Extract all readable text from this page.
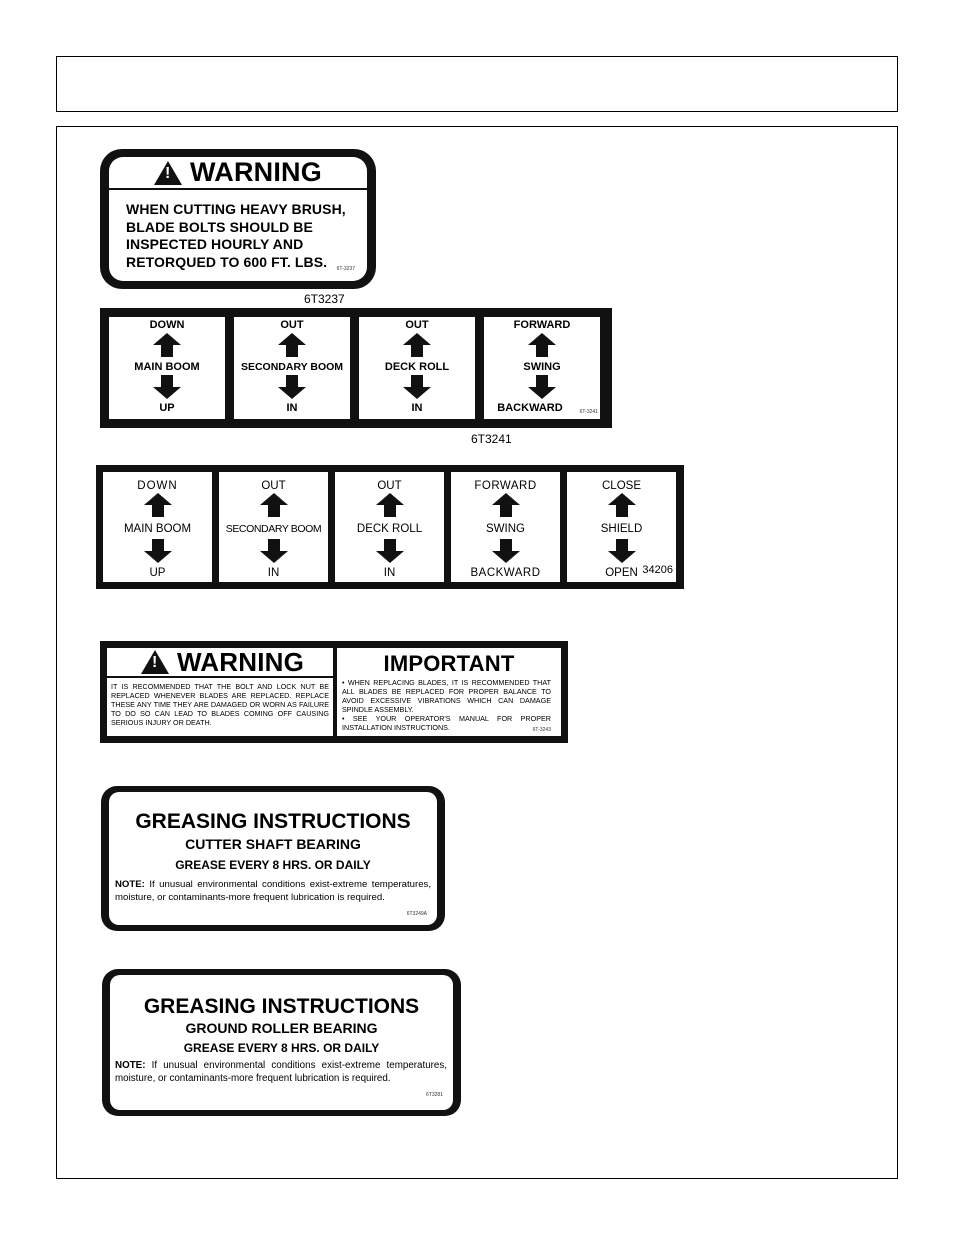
!
WARNING
WHEN CUTTING HEAVY BRUSH,
BLADE BOLTS SHOULD BE
INSPECTED HOURLY AND
RETORQUED TO 600 FT. LBS.	6T-3237
6T3237
DOWN
MAIN BOOM
UP
OUT
SECONDARY BOOM
IN
OUT
DECK ROLL
IN
FORWARD
SWING
BACKWARD	6T-3241
6T3241
DOWN
MAIN BOOM
UP
OUT
SECONDARY BOOM
IN
OUT
DECK ROLL
IN
FORWARD
SWING
BACKWARD
CLOSE
SHIELD
OPEN 34206
!
WARNING
IT IS RECOMMENDED THAT THE BOLT AND LOCK NUT BE REPLACED WHENEVER BLADES ARE REPLACED. REPLACE THESE ANY TIME THEY ARE DAMAGED OR WORN AS FAILURE TO DO SO CAN LEAD TO BLADES COMING OFF CAUSING SERIOUS INJURY OR DEATH.
IMPORTANT
• WHEN REPLACING BLADES, IT IS RECOMMENDED THAT ALL BLADES BE REPLACED FOR PROPER BALANCE TO AVOID EXCESSIVE VIBRATIONS WHICH CAN DAMAGE SPINDLE ASSEMBLY.
• SEE YOUR OPERATOR'S MANUAL FOR PROPER INSTALLATION INSTRUCTIONS.	6T-3243
GREASING INSTRUCTIONS
CUTTER SHAFT BEARING
GREASE EVERY 8 HRS. OR DAILY
NOTE: If unusual environmental conditions exist-extreme temperatures, moisture, or contaminants-more frequent lubrication is required.
6T3249A
GREASING INSTRUCTIONS
GROUND ROLLER BEARING
GREASE EVERY 8 HRS. OR DAILY
NOTE: If unusual environmental conditions exist-extreme temperatures, moisture, or contaminants-more frequent lubrication is required.
6T3281
